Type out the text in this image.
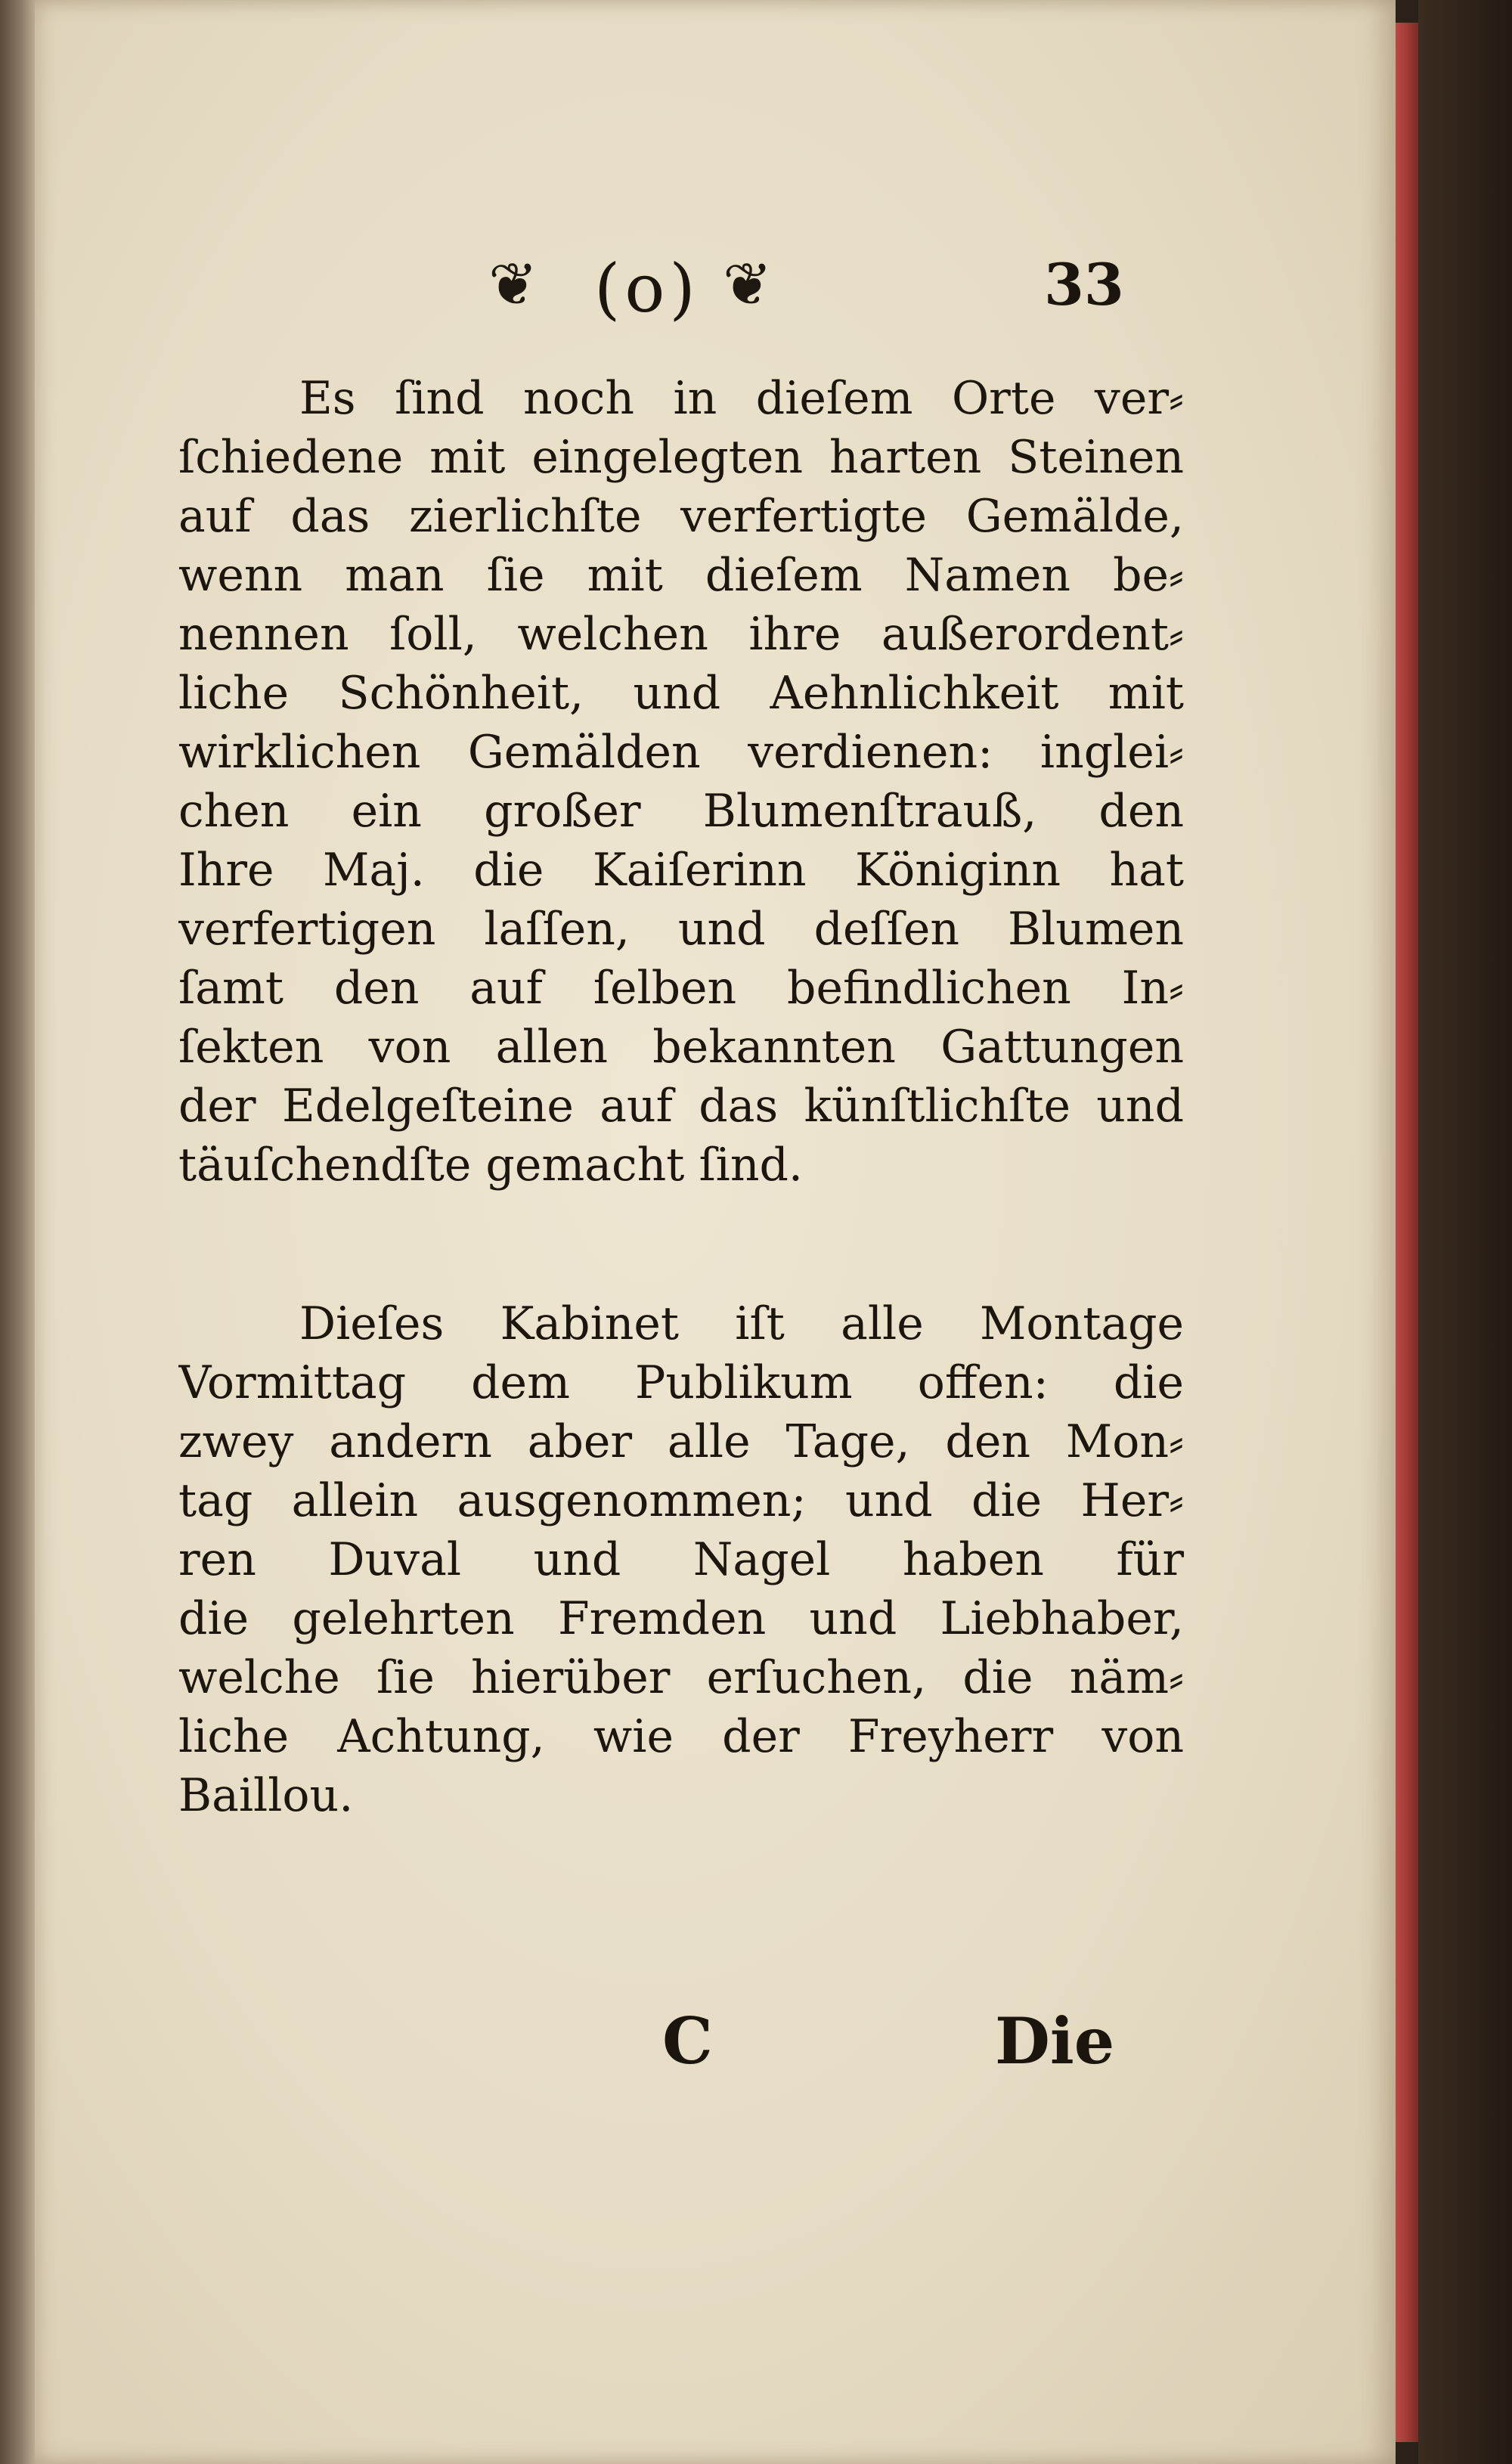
❦ (o) ❦	33
Es ſind noch in dieſem Orte ver⸗
ſchiedene mit eingelegten harten Steinen
auf das zierlichſte verfertigte Gemälde,
wenn man ſie mit dieſem Namen be⸗
nennen ſoll, welchen ihre außerordent⸗
liche Schönheit, und Aehnlichkeit mit
wirklichen Gemälden verdienen: inglei⸗
chen ein großer Blumenſtrauß, den
Ihre Maj. die Kaiſerinn Königinn hat
verfertigen laſſen, und deſſen Blumen
ſamt den auf ſelben befindlichen In⸗
ſekten von allen bekannten Gattungen
der Edelgeſteine auf das künſtlichſte und
täuſchendſte gemacht ſind.
Dieſes Kabinet iſt alle Montage
Vormittag dem Publikum offen: die
zwey andern aber alle Tage, den Mon⸗
tag allein ausgenommen; und die Her⸗
ren Duval und Nagel haben für
die gelehrten Fremden und Liebhaber,
welche ſie hierüber erſuchen, die näm⸗
liche Achtung, wie der Freyherr von
Baillou.
C	Die
